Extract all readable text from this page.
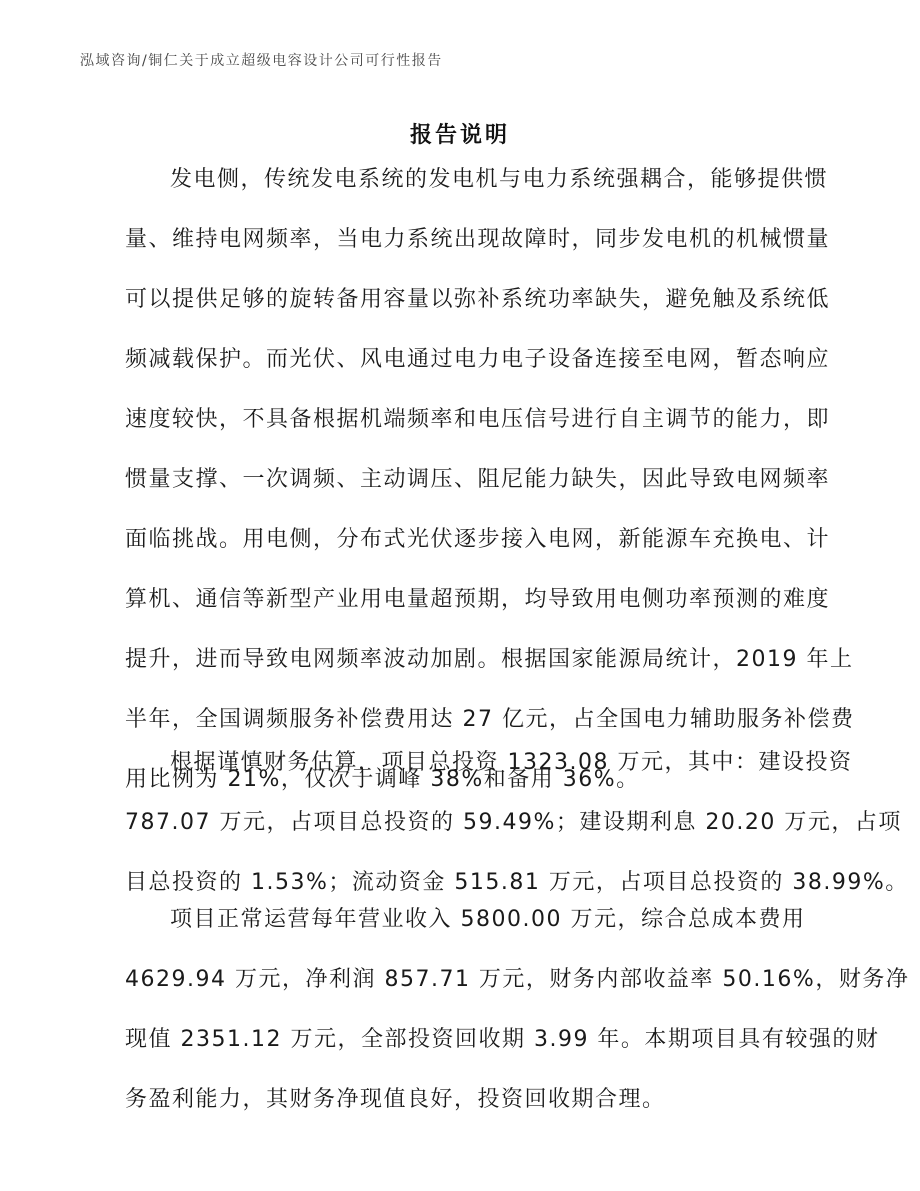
泓域咨询/铜仁关于成立超级电容设计公司可行性报告
报告说明
发电侧，传统发电系统的发电机与电力系统强耦合，能够提供惯
量、维持电网频率，当电力系统出现故障时，同步发电机的机械惯量
可以提供足够的旋转备用容量以弥补系统功率缺失，避免触及系统低
频减载保护。而光伏、风电通过电力电子设备连接至电网，暂态响应
速度较快，不具备根据机端频率和电压信号进行自主调节的能力，即
惯量支撑、一次调频、主动调压、阻尼能力缺失，因此导致电网频率
面临挑战。用电侧，分布式光伏逐步接入电网，新能源车充换电、计
算机、通信等新型产业用电量超预期，均导致用电侧功率预测的难度
提升，进而导致电网频率波动加剧。根据国家能源局统计，2019 年上
半年，全国调频服务补偿费用达 27 亿元，占全国电力辅助服务补偿费
用比例为 21%，仅次于调峰 38%和备用 36%。
根据谨慎财务估算，项目总投资 1323.08 万元，其中：建设投资
787.07 万元，占项目总投资的 59.49%；建设期利息 20.20 万元，占项
目总投资的 1.53%；流动资金 515.81 万元，占项目总投资的 38.99%。
项目正常运营每年营业收入 5800.00 万元，综合总成本费用
4629.94 万元，净利润 857.71 万元，财务内部收益率 50.16%，财务净
现值 2351.12 万元，全部投资回收期 3.99 年。本期项目具有较强的财
务盈利能力，其财务净现值良好，投资回收期合理。
